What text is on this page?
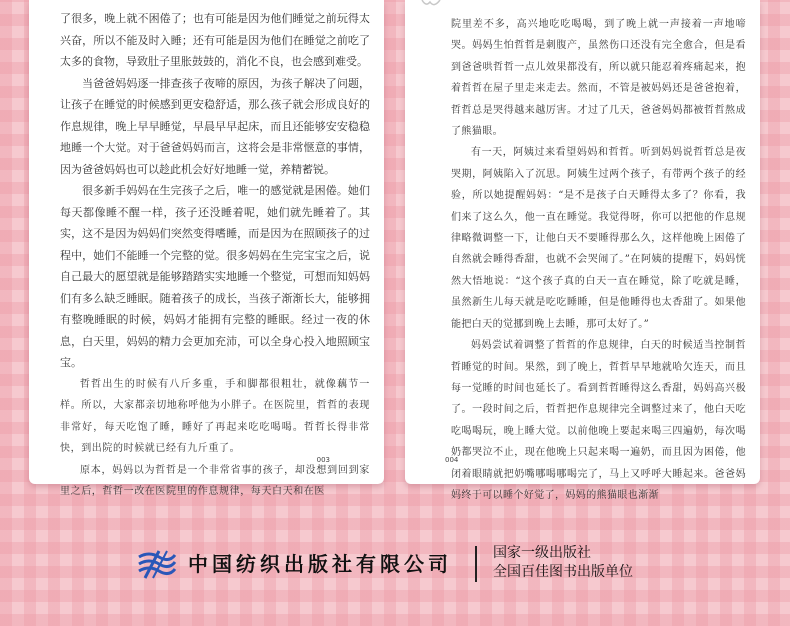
了很多，晚上就不困倦了；也有可能是因为他们睡觉之前玩得太兴奋，所以不能及时入睡；还有可能是因为他们在睡觉之前吃了太多的食物，导致肚子里胀鼓鼓的，消化不良，也会感到难受。

当爸爸妈妈逐一排查孩子夜啼的原因，为孩子解决了问题，让孩子在睡觉的时候感到更安稳舒适，那么孩子就会形成良好的作息规律，晚上早早睡觉，早晨早早起床，而且还能够安安稳稳地睡一个大觉。对于爸爸妈妈而言，这将会是非常惬意的事情，因为爸爸妈妈也可以趁此机会好好地睡一觉，养精蓄锐。

很多新手妈妈在生完孩子之后，唯一的感觉就是困倦。她们每天都像睡不醒一样，孩子还没睡着呢，她们就先睡着了。其实，这不是因为妈妈们突然变得嗜睡，而是因为在照顾孩子的过程中，她们不能睡一个完整的觉。很多妈妈在生完宝宝之后，说自己最大的愿望就是能够踏踏实实地睡一个整觉，可想而知妈妈们有多么缺乏睡眠。随着孩子的成长，当孩子渐渐长大，能够拥有整晚睡眠的时候，妈妈才能拥有完整的睡眠。经过一夜的休息，白天里，妈妈的精力会更加充沛，可以全身心投入地照顾宝宝。

哲哲出生的时候有八斤多重，手和脚都很粗壮，就像藕节一样。所以，大家都亲切地称呼他为小胖子。在医院里，哲哲的表现非常好，每天吃饱了睡，睡好了再起来吃吃喝喝。哲哲长得非常快，到出院的时候就已经有九斤重了。

原本，妈妈以为哲哲是一个非常省事的孩子，却没想到回到家里之后，哲哲一改在医院里的作息规律，每天白天和在医

003

院里差不多，高兴地吃吃喝喝，到了晚上就一声接着一声地啼哭。妈妈生怕哲哲是刺腹产，虽然伤口还没有完全愈合，但是看到爸爸哄哲哲一点儿效果都没有，所以就只能忍着疼痛起来，抱着哲哲在屋子里走来走去。然而，不管是被妈妈还是爸爸抱着，哲哲总是哭得越来越厉害。才过了几天，爸爸妈妈都被哲哲熬成了熊猫眼。

有一天，阿姨过来看望妈妈和哲哲。听到妈妈说哲哲总是夜哭期，阿姨陷入了沉思。阿姨生过两个孩子，有带两个孩子的经验，所以她提醒妈妈：“是不是孩子白天睡得太多了？你看，我们来了这么久，他一直在睡觉。我觉得呀，你可以把他的作息规律略微调整一下，让他白天不要睡得那么久，这样他晚上困倦了自然就会睡得香甜，也就不会哭闹了。”在阿姨的提醒下，妈妈恍然大悟地说：“这个孩子真的白天一直在睡觉，除了吃就是睡，虽然新生儿每天就是吃吃睡睡，但是他睡得也太香甜了。如果他能把白天的觉挪到晚上去睡，那可太好了。”

妈妈尝试着调整了哲哲的作息规律，白天的时候适当控制哲哲睡觉的时间。果然，到了晚上，哲哲早早地就哈欠连天，而且每一觉睡的时间也延长了。看到哲哲睡得这么香甜，妈妈高兴极了。一段时间之后，哲哲把作息规律完全调整过来了，他白天吃吃喝喝玩，晚上睡大觉。以前他晚上要起来喝三四遍奶，每次喝奶都哭泣不止，现在他晚上只起来喝一遍奶，而且因为困倦，他闭着眼睛就把奶嘴哪喝哪喝完了，马上又呼呼大睡起来。爸爸妈妈终于可以睡个好觉了，妈妈的熊猫眼也渐渐

004
中国纺织出版社有限公司	国家一级出版社
全国百佳图书出版单位
